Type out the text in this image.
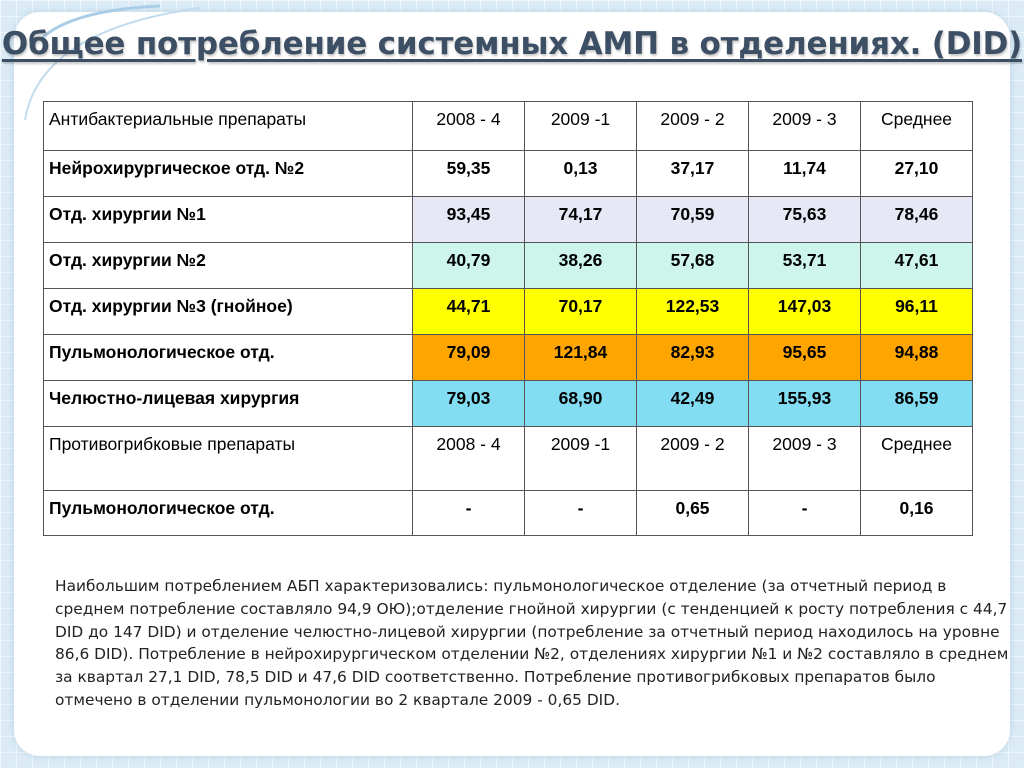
Общее потребление системных АМП в отделениях. (DID)
Антибактериальные препараты	2008 - 4	2009 -1	2009 - 2	2009 - 3	Среднее
Нейрохирургическое отд. №2	59,35	0,13	37,17	11,74	27,10
Отд. хирургии №1	93,45	74,17	70,59	75,63	78,46
Отд. хирургии №2	40,79	38,26	57,68	53,71	47,61
Отд. хирургии №3 (гнойное)	44,71	70,17	122,53	147,03	96,11
Пульмонологическое отд.	79,09	121,84	82,93	95,65	94,88
Челюстно-лицевая хирургия	79,03	68,90	42,49	155,93	86,59
Противогрибковые препараты	2008 - 4	2009 -1	2009 - 2	2009 - 3	Среднее
Пульмонологическое отд.	-	-	0,65	-	0,16
Наибольшим потреблением АБП характеризовались: пульмонологическое отделение (за отчетный период в среднем потребление составляло 94,9 ОЮ);отделение гнойной хирургии (с тенденцией к росту потребления с 44,7 DID до 147 DID) и отделение челюстно-лицевой хирургии (потребление за отчетный период находилось на уровне 86,6 DID). Потребление в нейрохирургическом отделении №2, отделениях хирургии №1 и №2 составляло в среднем за квартал 27,1 DID, 78,5 DID и 47,6 DID соответственно. Потребление противогрибковых препаратов было отмечено в отделении пульмонологии во 2 квартале 2009 - 0,65 DID.
